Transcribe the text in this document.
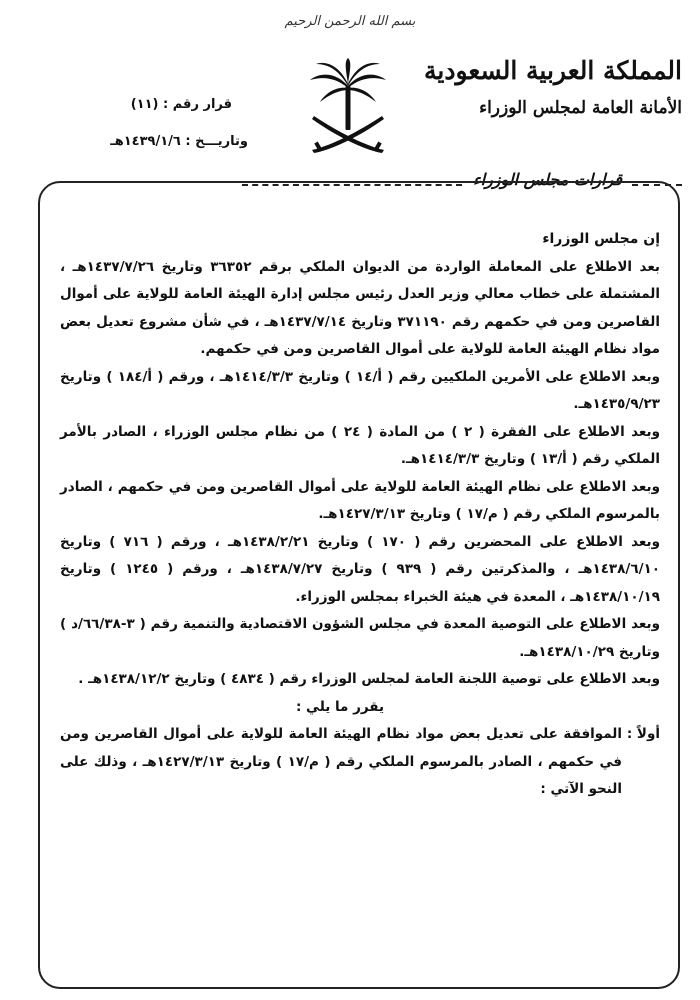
بسم الله الرحمن الرحيم
المملكة العربية السعودية
الأمانة العامة لمجلس الوزراء
قرارات مجلس الوزراء
قرار رقم : (١١)
وتاريـــخ : ١٤٣٩/١/٦هـ

إن مجلس الوزراء

بعد الاطلاع على المعاملة الواردة من الديوان الملكي برقم ٣٦٣٥٢ وتاريخ ١٤٣٧/٧/٢٦هـ ، المشتملة على خطاب معالي وزير العدل رئيس مجلس إدارة الهيئة العامة للولاية على أموال القاصرين ومن في حكمهم رقم ٣٧١١٩٠ وتاريخ ١٤٣٧/٧/١٤هـ ، في شأن مشروع تعديل بعض مواد نظام الهيئة العامة للولاية على أموال القاصرين ومن في حكمهم.

وبعد الاطلاع على الأمرين الملكيين رقم ( أ/١٤ ) وتاريخ ١٤١٤/٣/٣هـ ، ورقم ( أ/١٨٤ ) وتاريخ ١٤٣٥/٩/٢٣هـ.

وبعد الاطلاع على الفقرة ( ٢ ) من المادة ( ٢٤ ) من نظام مجلس الوزراء ، الصادر بالأمر الملكي رقم ( أ/١٣ ) وتاريخ ١٤١٤/٣/٣هـ.

وبعد الاطلاع على نظام الهيئة العامة للولاية على أموال القاصرين ومن في حكمهم ، الصادر بالمرسوم الملكي رقم ( م/١٧ ) وتاريخ ١٤٢٧/٣/١٣هـ.

وبعد الاطلاع على المحضرين رقم ( ١٧٠ ) وتاريخ ١٤٣٨/٢/٢١هـ ، ورقم ( ٧١٦ ) وتاريخ ١٤٣٨/٦/١٠هـ ، والمذكرتين رقم ( ٩٣٩ ) وتاريخ ١٤٣٨/٧/٢٧هـ ، ورقم ( ١٢٤٥ ) وتاريخ ١٤٣٨/١٠/١٩هـ ، المعدة في هيئة الخبراء بمجلس الوزراء.

وبعد الاطلاع على التوصية المعدة في مجلس الشؤون الاقتصادية والتنمية رقم ( ٣-٦٦/٣٨/د ) وتاريخ ١٤٣٨/١٠/٢٩هـ.

وبعد الاطلاع على توصية اللجنة العامة لمجلس الوزراء رقم ( ٤٨٣٤ ) وتاريخ ١٤٣٨/١٢/٢هـ .

يقرر ما يلي :

أولاً :
الموافقة على تعديل بعض مواد نظام الهيئة العامة للولاية على أموال القاصرين ومن في حكمهم ، الصادر بالمرسوم الملكي رقم ( م/١٧ ) وتاريخ ١٤٢٧/٣/١٣هـ ، وذلك على النحو الآتي :
